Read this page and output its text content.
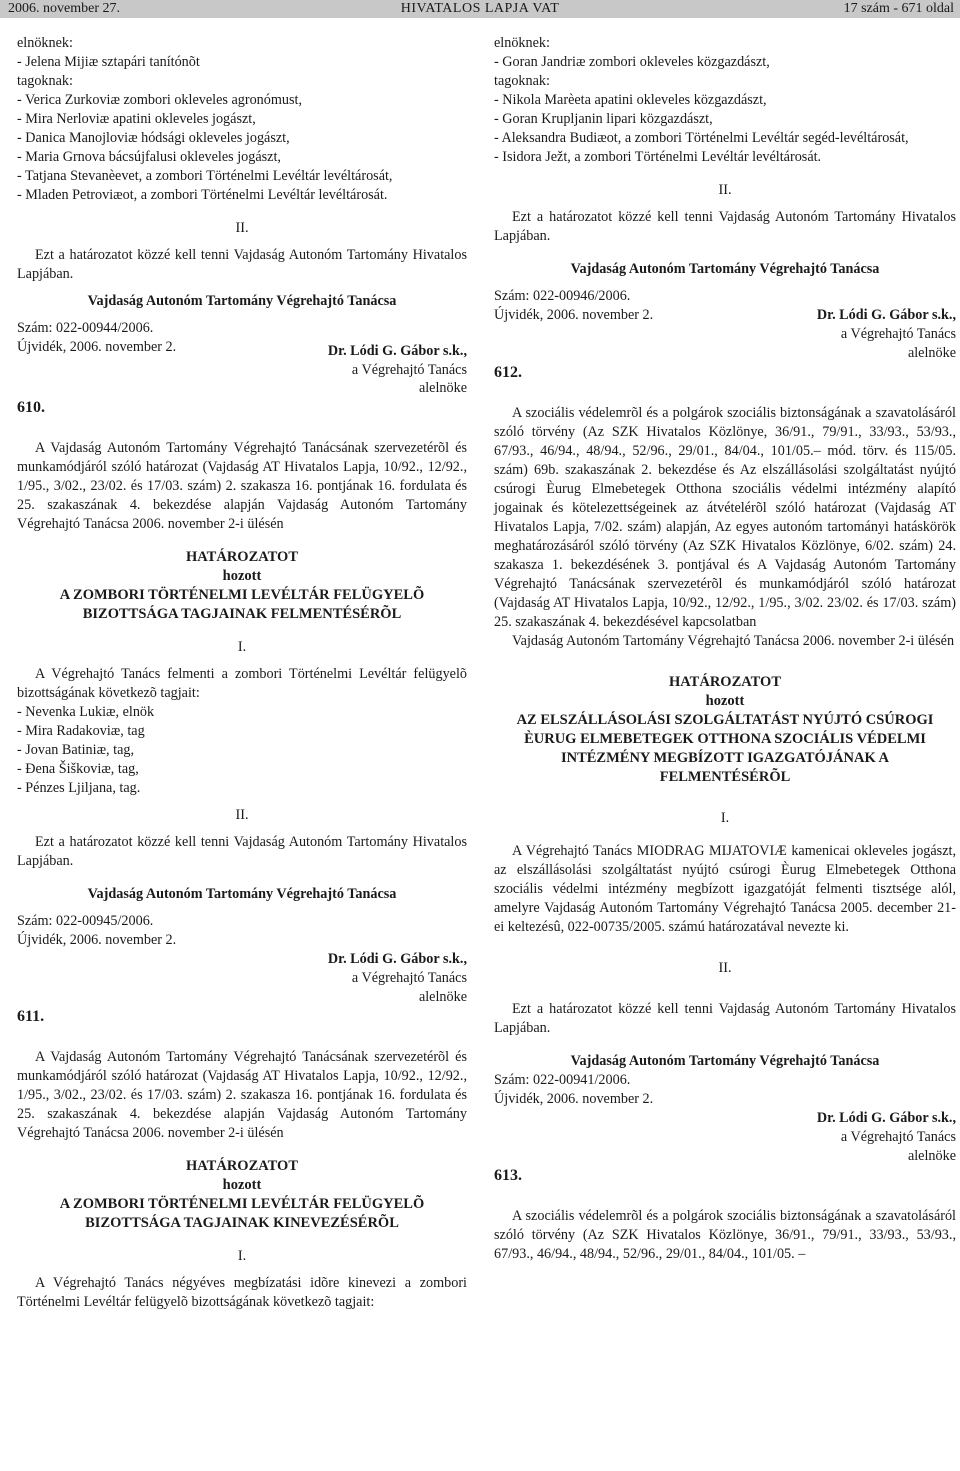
2006. november 27.	HIVATALOS LAPJA VAT	17 szám - 671 oldal

elnöknek:

- Jelena Mijiæ sztapári tanítónõt

tagoknak:

- Verica Zurkoviæ zombori okleveles agronómust,

- Mira Nerloviæ apatini okleveles jogászt,

- Danica Manojloviæ hódsági okleveles jogászt,

- Maria Grnova bácsújfalusi okleveles jogászt,

- Tatjana Stevanèevet, a zombori Történelmi Levéltár levéltárosát,

- Mladen Petroviæot, a zombori Történelmi Levéltár levéltárosát.

II.

Ezt a határozatot közzé kell tenni Vajdaság Autonóm Tartomány Hivatalos Lapjában.

Vajdaság Autonóm Tartomány Végrehajtó Tanácsa

Szám: 022-00944/2006.
Dr. Lódi G. Gábor s.k.,
a Végrehajtó Tanács
Újvidék, 2006. november 2.

alelnöke

610.

A Vajdaság Autonóm Tartomány Végrehajtó Tanácsának szervezetérõl és munkamódjáról szóló határozat (Vajdaság AT Hivatalos Lapja, 10/92., 12/92., 1/95., 3/02., 23/02. és 17/03. szám) 2. szakasza 16. pontjának 16. fordulata és 25. szakaszának 4. bekezdése alapján Vajdaság Autonóm Tartomány Végrehajtó Tanácsa 2006. november 2-i ülésén

HATÁROZATOT

hozott

A ZOMBORI TÖRTÉNELMI LEVÉLTÁR FELÜGYELÕ BIZOTTSÁGA TAGJAINAK FELMENTÉSÉRÕL

I.

A Végrehajtó Tanács felmenti a zombori Történelmi Levéltár felügyelõ bizottságának következõ tagjait:

- Nevenka Lukiæ, elnök

- Mira Radakoviæ, tag

- Jovan Batiniæ, tag,

- Ðena Šiškoviæ, tag,

- Pénzes Ljiljana, tag.

II.

Ezt a határozatot közzé kell tenni Vajdaság Autonóm Tartomány Hivatalos Lapjában.

Vajdaság Autonóm Tartomány Végrehajtó Tanácsa

Szám: 022-00945/2006.

Újvidék, 2006. november 2.

Dr. Lódi G. Gábor s.k.,

a Végrehajtó Tanács

alelnöke

611.

A Vajdaság Autonóm Tartomány Végrehajtó Tanácsának szervezetérõl és munkamódjáról szóló határozat (Vajdaság AT Hivatalos Lapja, 10/92., 12/92., 1/95., 3/02., 23/02. és 17/03. szám) 2. szakasza 16. pontjának 16. fordulata és 25. szakaszának 4. bekezdése alapján Vajdaság Autonóm Tartomány Végrehajtó Tanácsa 2006. november 2-i ülésén

HATÁROZATOT

hozott

A ZOMBORI TÖRTÉNELMI LEVÉLTÁR FELÜGYELÕ BIZOTTSÁGA TAGJAINAK KINEVEZÉSÉRÕL

I.

A Végrehajtó Tanács négyéves megbízatási idõre kinevezi a zombori Történelmi Levéltár felügyelõ bizottságának következõ tagjait:

elnöknek:

- Goran Jandriæ zombori okleveles közgazdászt,

tagoknak:

- Nikola Marèeta apatini okleveles közgazdászt,

- Goran Krupljanin lipari közgazdászt,

- Aleksandra Budiæot, a zombori Történelmi Levéltár segéd-levéltárosát,

- Isidora Ježt, a zombori Történelmi Levéltár levéltárosát.

II.

Ezt a határozatot közzé kell tenni Vajdaság Autonóm Tartomány Hivatalos Lapjában.

Vajdaság Autonóm Tartomány Végrehajtó Tanácsa

Szám: 022-00946/2006.

Újvidék, 2006. november 2.	Dr. Lódi G. Gábor s.k.,

a Végrehajtó Tanács

alelnöke

612.

A szociális védelemrõl és a polgárok szociális biztonságának a szavatolásáról szóló törvény (Az SZK Hivatalos Közlönye, 36/91., 79/91., 33/93., 53/93., 67/93., 46/94., 48/94., 52/96., 29/01., 84/04., 101/05.– mód. törv. és 115/05. szám) 69b. szakaszának 2. bekezdése és Az elszállásolási szolgáltatást nyújtó csúrogi Èurug Elmebetegek Otthona szociális védelmi intézmény alapító jogainak és kötelezettségeinek az átvételérõl szóló határozat (Vajdaság AT Hivatalos Lapja, 7/02. szám) alapján, Az egyes autonóm tartományi hatáskörök meghatározásáról szóló törvény (Az SZK Hivatalos Közlönye, 6/02. szám) 24. szakasza 1. bekezdésének 3. pontjával és A Vajdaság Autonóm Tartomány Végrehajtó Tanácsának szervezetérõl és munkamódjáról szóló határozat (Vajdaság AT Hivatalos Lapja, 10/92., 12/92., 1/95., 3/02. 23/02. és 17/03. szám) 25. szakaszának 4. bekezdésével kapcsolatban

Vajdaság Autonóm Tartomány Végrehajtó Tanácsa 2006. november 2-i ülésén

HATÁROZATOT

hozott

AZ ELSZÁLLÁSOLÁSI SZOLGÁLTATÁST NYÚJTÓ CSÚROGI ÈURUG ELMEBETEGEK OTTHONA SZOCIÁLIS VÉDELMI INTÉZMÉNY MEGBÍZOTT IGAZGATÓJÁNAK A FELMENTÉSÉRÕL

I.

A Végrehajtó Tanács MIODRAG MIJATOVIÆ kamenicai okleveles jogászt, az elszállásolási szolgáltatást nyújtó csúrogi Èurug Elmebetegek Otthona szociális védelmi intézmény megbízott igazgatóját felmenti tisztsége alól, amelyre Vajdaság Autonóm Tartomány Végrehajtó Tanácsa 2005. december 21-ei keltezésû, 022-00735/2005. számú határozatával nevezte ki.

II.

Ezt a határozatot közzé kell tenni Vajdaság Autonóm Tartomány Hivatalos Lapjában.

Vajdaság Autonóm Tartomány Végrehajtó Tanácsa

Szám: 022-00941/2006.

Újvidék, 2006. november 2.

Dr. Lódi G. Gábor s.k.,

a Végrehajtó Tanács

alelnöke

613.

A szociális védelemrõl és a polgárok szociális biztonságának a szavatolásáról szóló törvény (Az SZK Hivatalos Közlönye, 36/91., 79/91., 33/93., 53/93., 67/93., 46/94., 48/94., 52/96., 29/01., 84/04., 101/05. –
